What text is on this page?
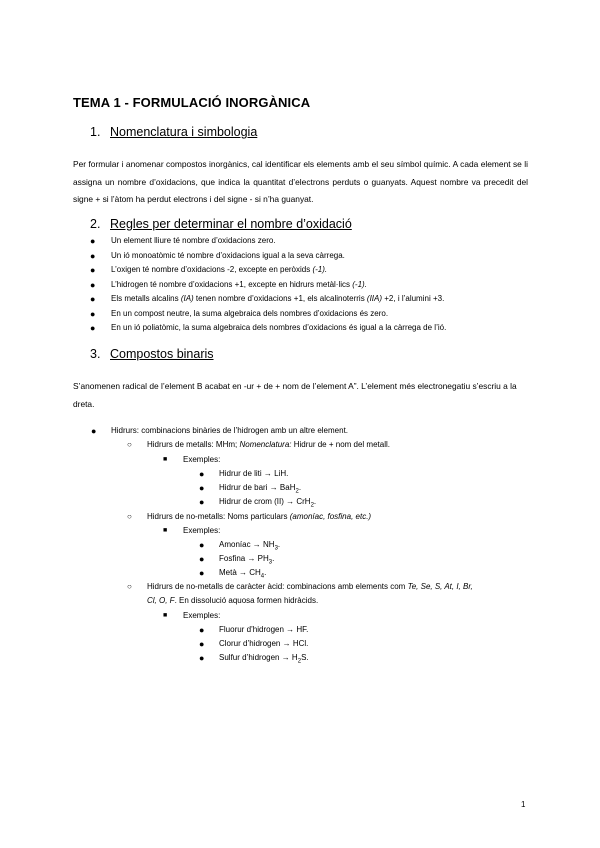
TEMA 1 - FORMULACIÓ INORGÀNICA
1. Nomenclatura i simbologia
Per formular i anomenar compostos inorgànics, cal identificar els elements amb el seu símbol químic. A cada element se li assigna un nombre d’oxidacions, que indica la quantitat d’electrons perduts o guanyats. Aquest nombre va precedit del signe + si l’àtom ha perdut electrons i del signe - si n’ha guanyat.
2. Regles per determinar el nombre d’oxidació
● Un element lliure té nombre d’oxidacions zero.
● Un ió monoatòmic té nombre d’oxidacions igual a la seva càrrega.
● L’oxigen té nombre d’oxidacions -2, excepte en peròxids (-1).
● L’hidrogen té nombre d’oxidacions +1, excepte en hidrurs metàl·lics (-1).
● Els metalls alcalins (IA) tenen nombre d’oxidacions +1, els alcalinoterris (IIA) +2, i l’alumini +3.
● En un compost neutre, la suma algebraica dels nombres d’oxidacions és zero.
● En un ió poliatòmic, la suma algebraica dels nombres d’oxidacions és igual a la càrrega de l’ió.
3. Compostos binaris
S’anomenen radical de l’element B acabat en -ur + de + nom de l’element A”. L’element més electronegatiu s’escriu a la dreta.
● Hidrurs: combinacions binàries de l’hidrogen amb un altre element.
○ Hidrurs de metalls: MHm; Nomenclatura: Hidrur de + nom del metall.
■ Exemples:
● Hidrur de liti → LiH.
● Hidrur de bari → BaH$_2$.
● Hidrur de crom (II) → CrH$_2$.
○ Hidrurs de no-metalls: Noms particulars (amoníac, fosfina, etc.)
■ Exemples:
● Amoníac → $NH_3$.
● Fosfina → $PH_3$.
● Metà → $CH_4$.
○ Hidrurs de no-metalls de caràcter àcid: combinacions amb elements com Te, Se, S, At, I, Br,
Cl, O, F. En dissolució aquosa formen hidràcids.
■ Exemples:
● Fluorur d’hidrogen → HF.
● Clorur d’hidrogen → HCl.
● Sulfur d’hidrogen → $H_2S$.
1
